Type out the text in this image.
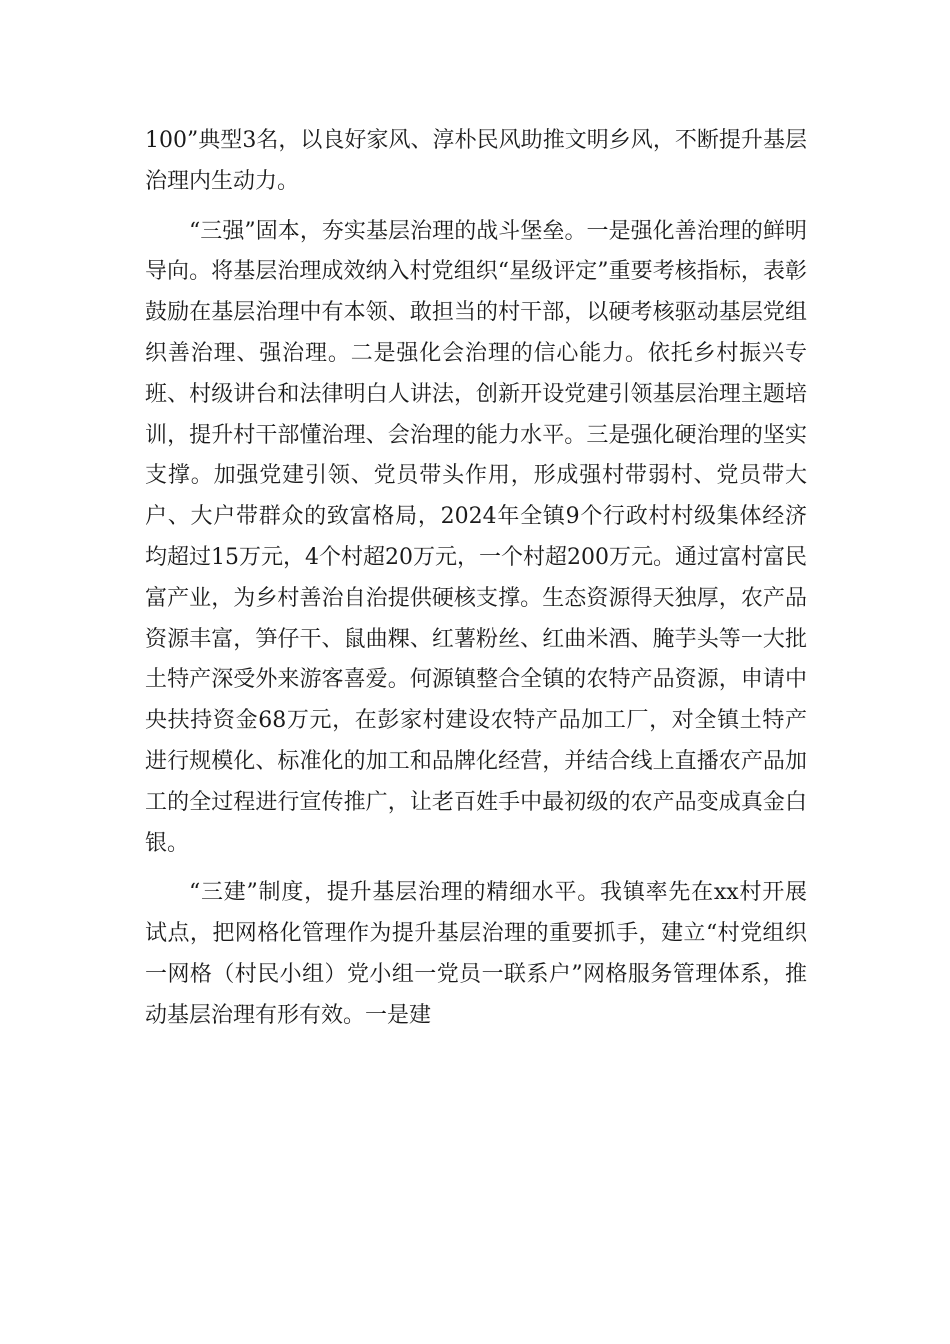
100”典型3名，以良好家风、淳朴民风助推文明乡风，不断提升基层治理内生动力。

“三强”固本，夯实基层治理的战斗堡垒。一是强化善治理的鲜明导向。将基层治理成效纳入村党组织“星级评定”重要考核指标，表彰鼓励在基层治理中有本领、敢担当的村干部，以硬考核驱动基层党组织善治理、强治理。二是强化会治理的信心能力。依托乡村振兴专班、村级讲台和法律明白人讲法，创新开设党建引领基层治理主题培训，提升村干部懂治理、会治理的能力水平。三是强化硬治理的坚实支撑。加强党建引领、党员带头作用，形成强村带弱村、党员带大户、大户带群众的致富格局，2024年全镇9个行政村村级集体经济均超过15万元，4个村超20万元，一个村超200万元。通过富村富民富产业，为乡村善治自治提供硬核支撑。生态资源得天独厚，农产品资源丰富，笋仔干、鼠曲粿、红薯粉丝、红曲米酒、腌芋头等一大批土特产深受外来游客喜爱。何源镇整合全镇的农特产品资源，申请中央扶持资金68万元，在彭家村建设农特产品加工厂，对全镇土特产进行规模化、标准化的加工和品牌化经营，并结合线上直播农产品加工的全过程进行宣传推广，让老百姓手中最初级的农产品变成真金白银。

“三建”制度，提升基层治理的精细水平。我镇率先在xx村开展试点，把网格化管理作为提升基层治理的重要抓手，建立“村党组织一网格（村民小组）党小组一党员一联系户”网格服务管理体系，推动基层治理有形有效。一是建
